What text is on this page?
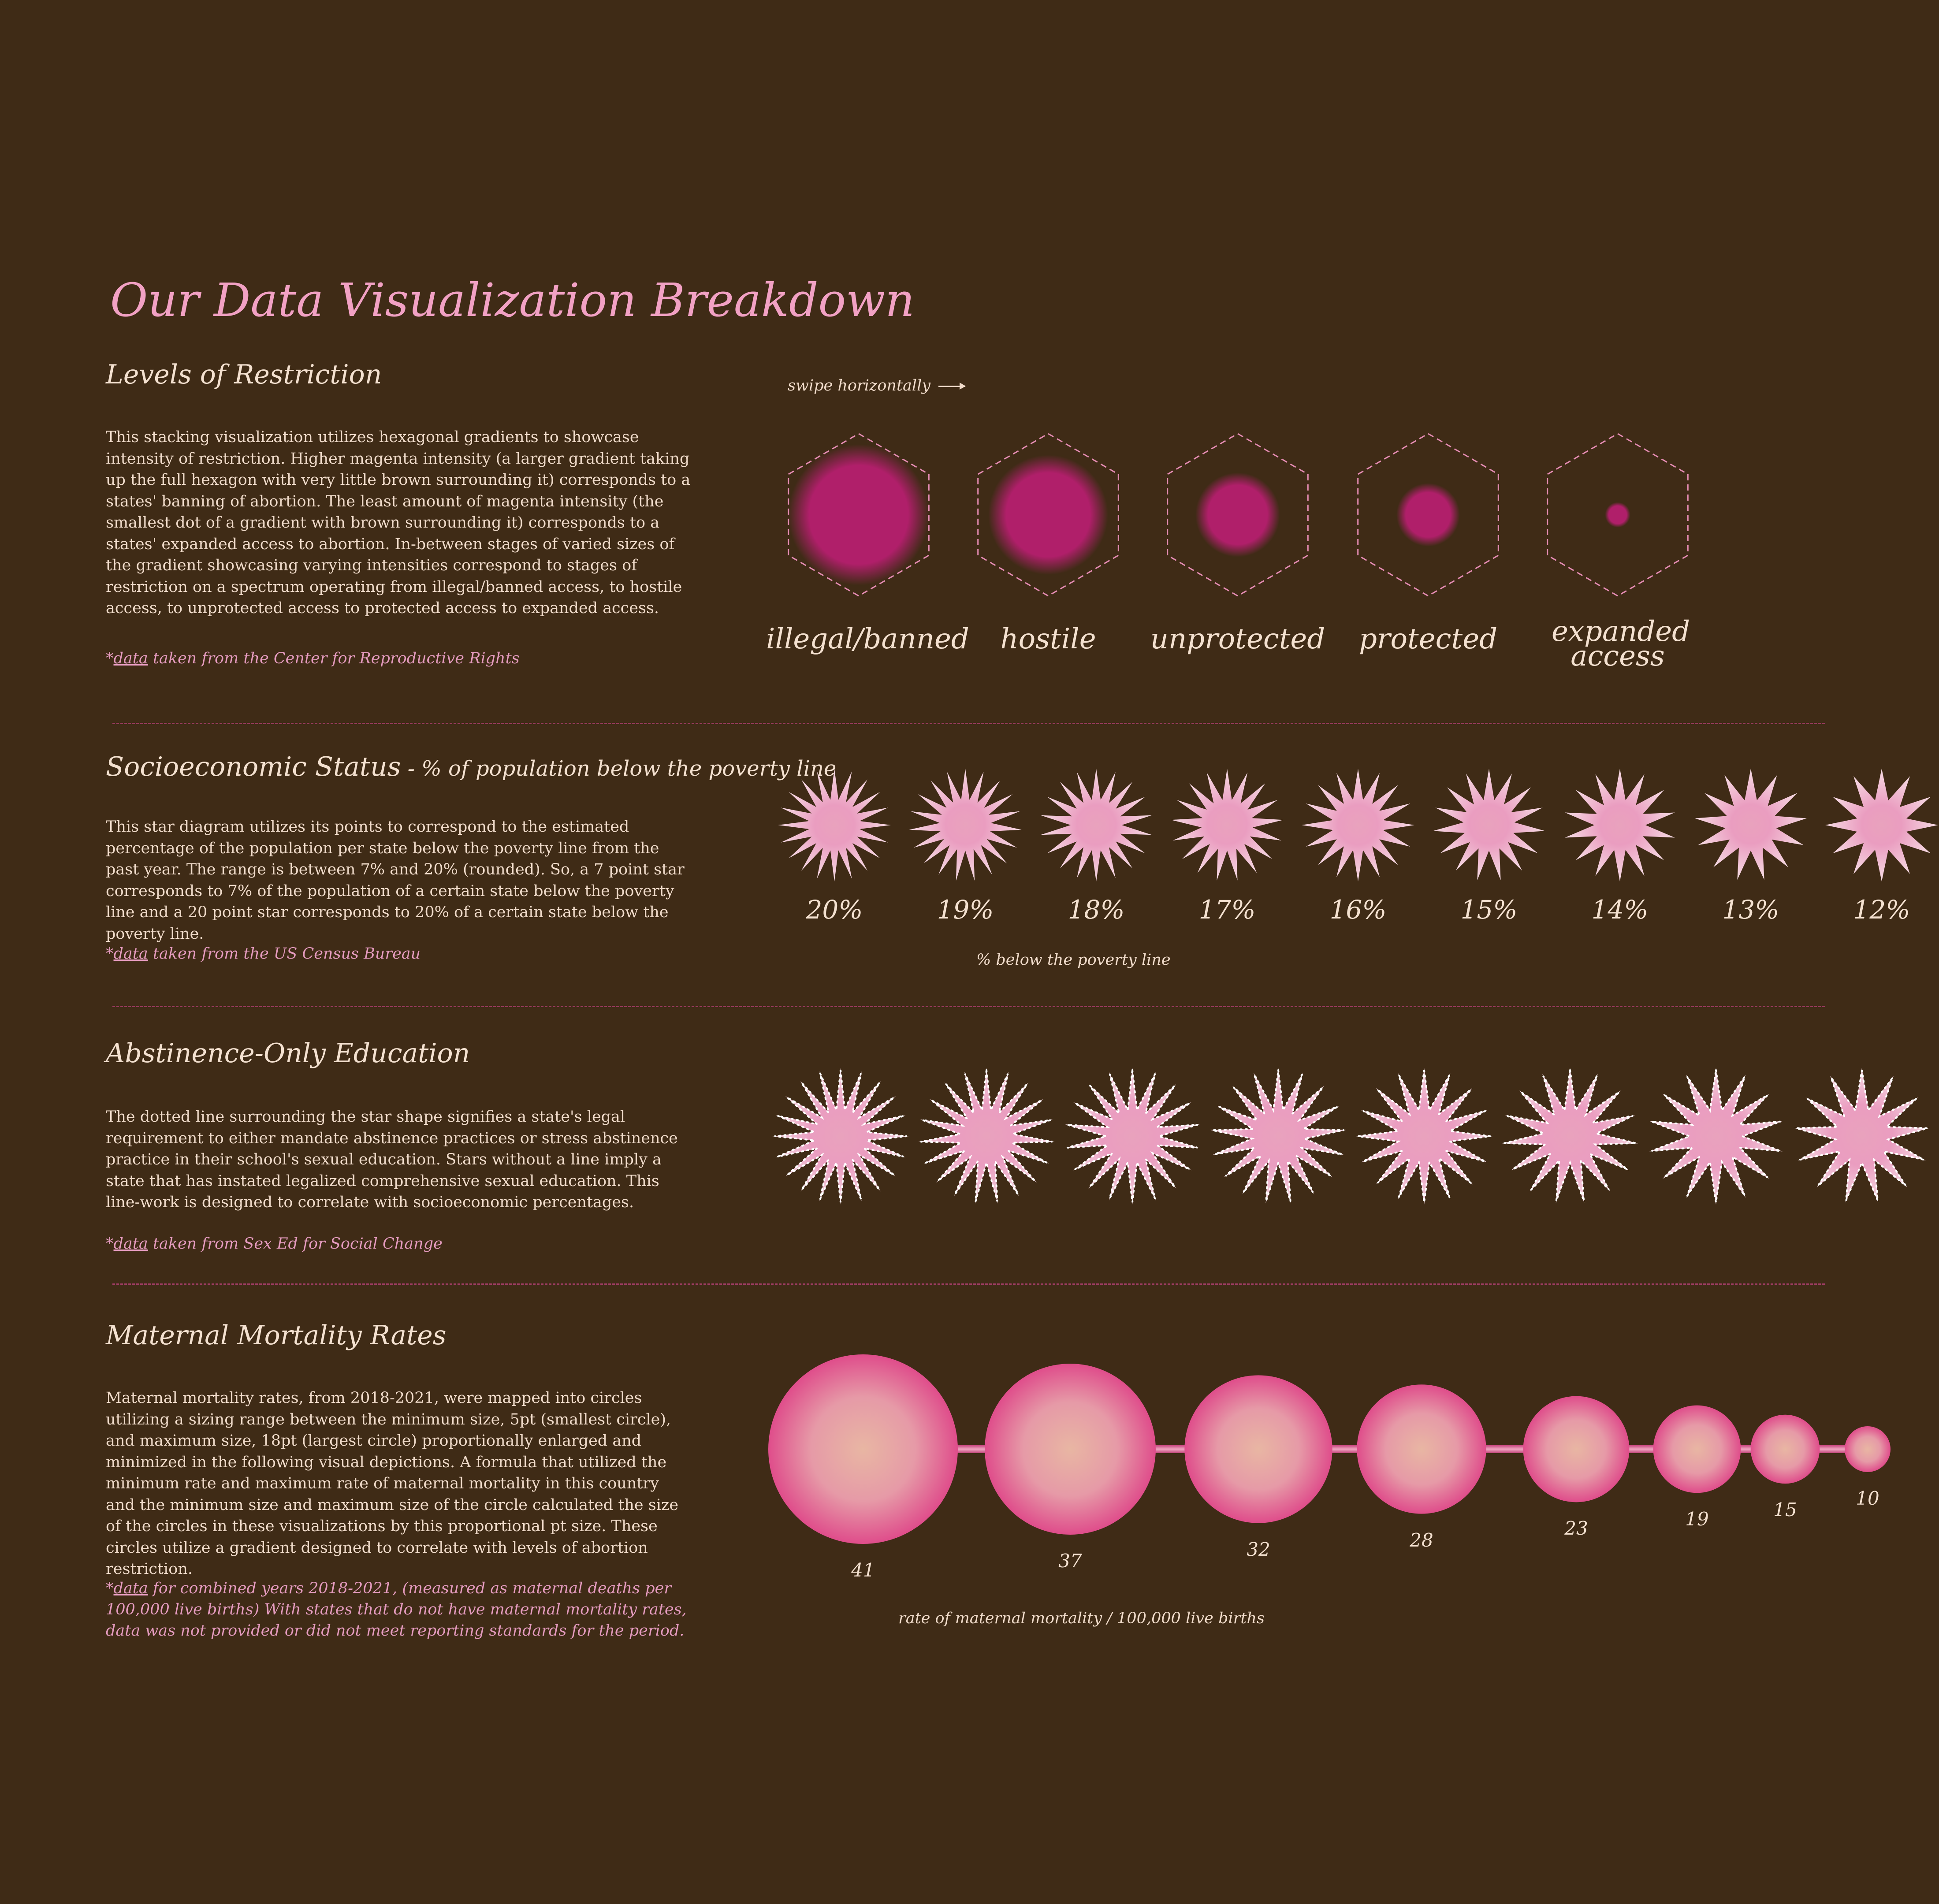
Our Data Visualization Breakdown
Levels of Restriction

This stacking visualization utilizes hexagonal gradients to showcase intensity of restriction. Higher magenta intensity (a larger gradient taking up the full hexagon with very little brown surrounding it) corresponds to a states' banning of abortion. The least amount of magenta intensity (the smallest dot of a gradient with brown surrounding it) corresponds to a states' expanded access to abortion. In-between stages of varied sizes of the gradient showcasing varying intensities correspond to stages of restriction on a spectrum operating from illegal/banned access, to hostile access, to unprotected access to protected access to expanded access.

*data taken from the Center for Reproductive Rights

swipe horizontally
illegal/banned	hostile	unprotected	protected	expanded access
Socioeconomic Status - % of population below the poverty line

This star diagram utilizes its points to correspond to the estimated percentage of the population per state below the poverty line from the past year. The range is between 7% and 20% (rounded). So, a 7 point star corresponds to 7% of the population of a certain state below the poverty line and a 20 point star corresponds to 20% of a certain state below the poverty line.

*data taken from the US Census Bureau

20%	19%	18%	17%	16%	15%	14%	13%	12%
% below the poverty line
Abstinence-Only Education

The dotted line surrounding the star shape signifies a state's legal requirement to either mandate abstinence practices or stress abstinence practice in their school's sexual education. Stars without a line imply a state that has instated legalized comprehensive sexual education. This line-work is designed to correlate with socioeconomic percentages.

*data taken from Sex Ed for Social Change

Maternal Mortality Rates

Maternal mortality rates, from 2018-2021, were mapped into circles utilizing a sizing range between the minimum size, 5pt (smallest circle), and maximum size, 18pt (largest circle) proportionally enlarged and minimized in the following visual depictions. A formula that utilized the minimum rate and maximum rate of maternal mortality in this country and the minimum size and maximum size of the circle calculated the size of the circles in these visualizations by this proportional pt size. These circles utilize a gradient designed to correlate with levels of abortion restriction.

*data for combined years 2018-2021, (measured as maternal deaths per 100,000 live births) With states that do not have maternal mortality rates, data was not provided or did not meet reporting standards for the period.

41	37
32	28
23	19	15
10
rate of maternal mortality / 100,000 live births
